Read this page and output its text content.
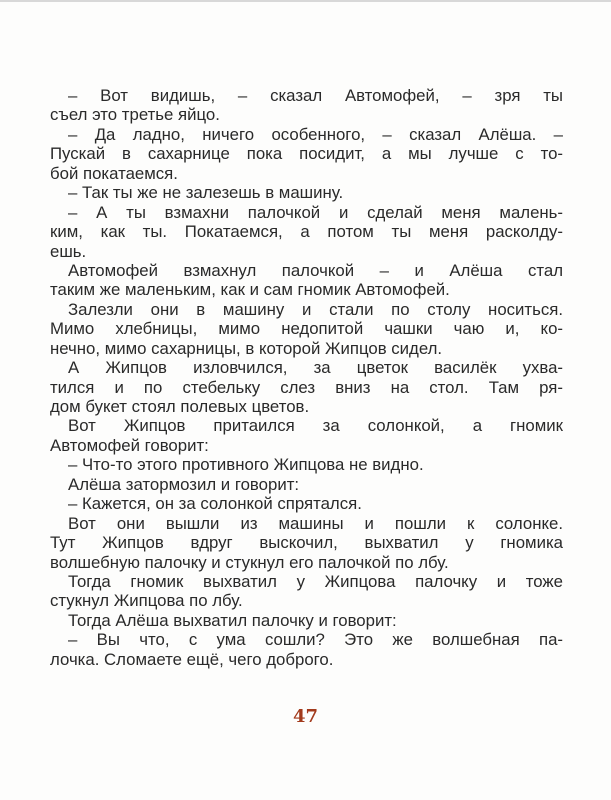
– Вот видишь, – сказал Автомофей, – зря ты
съел это третье яйцо.
– Да ладно, ничего особенного, – сказал Алёша. –
Пускай в сахарнице пока посидит, а мы лучше с то-
бой покатаемся.
– Так ты же не залезешь в машину.
– А ты взмахни палочкой и сделай меня малень-
ким, как ты. Покатаемся, а потом ты меня расколду-
ешь.
Автомофей взмахнул палочкой – и Алёша стал
таким же маленьким, как и сам гномик Автомофей.
Залезли они в машину и стали по столу носиться.
Мимо хлебницы, мимо недопитой чашки чаю и, ко-
нечно, мимо сахарницы, в которой Жипцов сидел.
А Жипцов изловчился, за цветок василёк ухва-
тился и по стебельку слез вниз на стол. Там ря-
дом букет стоял полевых цветов.
Вот Жипцов притаился за солонкой, а гномик
Автомофей говорит:
– Что-то этого противного Жипцова не видно.
Алёша затормозил и говорит:
– Кажется, он за солонкой спрятался.
Вот они вышли из машины и пошли к солонке.
Тут Жипцов вдруг выскочил, выхватил у гномика
волшебную палочку и стукнул его палочкой по лбу.
Тогда гномик выхватил у Жипцова палочку и тоже
стукнул Жипцова по лбу.
Тогда Алёша выхватил палочку и говорит:
– Вы что, с ума сошли? Это же волшебная па-
лочка. Сломаете ещё, чего доброго.
47
